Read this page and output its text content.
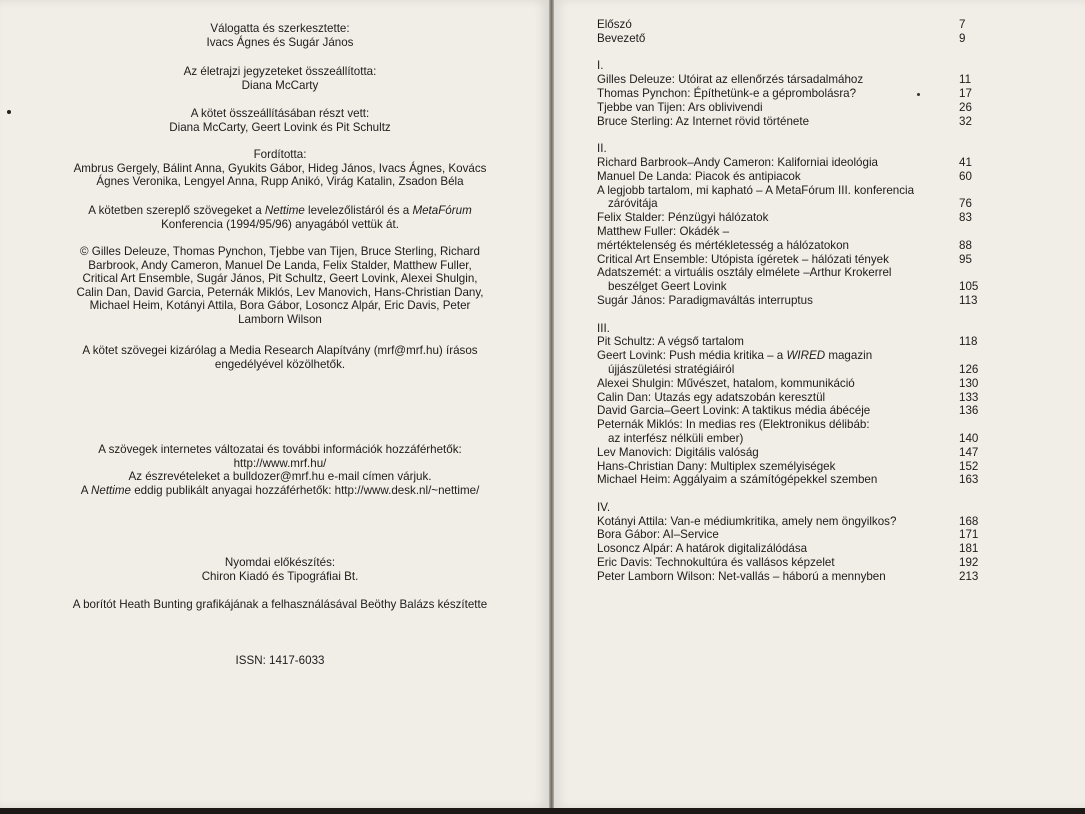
Válogatta és szerkesztette:

Ivacs Ágnes és Sugár János

Az életrajzi jegyzeteket összeállította:

Diana McCarty

A kötet összeállításában részt vett:

Diana McCarty, Geert Lovink és Pit Schultz

Fordította:

Ambrus Gergely, Bálint Anna, Gyukits Gábor, Hideg János, Ivacs Ágnes, Kovács

Ágnes Veronika, Lengyel Anna, Rupp Anikó, Virág Katalin, Zsadon Béla

A kötetben szereplő szövegeket a Nettime levelezőlistáról és a MetaFórum

Konferencia (1994/95/96) anyagából vettük át.

© Gilles Deleuze, Thomas Pynchon, Tjebbe van Tijen, Bruce Sterling, Richard

Barbrook, Andy Cameron, Manuel De Landa, Felix Stalder, Matthew Fuller,

Critical Art Ensemble, Sugár János, Pit Schultz, Geert Lovink, Alexei Shulgin,

Calin Dan, David Garcia, Peternák Miklós, Lev Manovich, Hans-Christian Dany,

Michael Heim, Kotányi Attila, Bora Gábor, Losoncz Alpár, Eric Davis, Peter

Lamborn Wilson

A kötet szövegei kizárólag a Media Research Alapítvány (mrf@mrf.hu) írásos

engedélyével közölhetők.

A szövegek internetes változatai és további információk hozzáférhetők:

http://www.mrf.hu/

Az észrevételeket a bulldozer@mrf.hu e-mail címen várjuk.

A Nettime eddig publikált anyagai hozzáférhetők: http://www.desk.nl/~nettime/

Nyomdai előkészítés:

Chiron Kiadó és Tipográfiai Bt.

A borítót Heath Bunting grafikájának a felhasználásával Beöthy Balázs készítette

ISSN: 1417-6033

Előszó	7
Bevezető	9
I.
Gilles Deleuze: Utóirat az ellenőrzés társadalmához	11
Thomas Pynchon: Építhetünk-e a géprombolásra?	17
Tjebbe van Tijen: Ars oblivivendi	26
Bruce Sterling: Az Internet rövid története	32
II.
Richard Barbrook–Andy Cameron: Kaliforniai ideológia	41
Manuel De Landa: Piacok és antipiacok	60
A legjobb tartalom, mi kapható – A MetaFórum III. konferencia
záróvitája	76
Felix Stalder: Pénzügyi hálózatok	83
Matthew Fuller: Okádék –
mértéktelenség és mértékletesség a hálózatokon	88
Critical Art Ensemble: Utópista ígéretek – hálózati tények	95
Adatszemét: a virtuális osztály elmélete –Arthur Krokerrel
beszélget Geert Lovink	105
Sugár János: Paradigmaváltás interruptus	113
III.
Pit Schultz: A végső tartalom	118
Geert Lovink: Push média kritika – a WIRED magazin
újjászületési stratégiáiról	126
Alexei Shulgin: Művészet, hatalom, kommunikáció	130
Calin Dan: Utazás egy adatszobán keresztül	133
David Garcia–Geert Lovink: A taktikus média ábécéje	136
Peternák Miklós: In medias res (Elektronikus délibáb:
az interfész nélküli ember)	140
Lev Manovich: Digitális valóság	147
Hans-Christian Dany: Multiplex személyiségek	152
Michael Heim: Aggályaim a számítógépekkel szemben	163
IV.
Kotányi Attila: Van-e médiumkritika, amely nem öngyilkos?	168
Bora Gábor: AI–Service	171
Losoncz Alpár: A határok digitalizálódása	181
Eric Davis: Technokultúra és vallásos képzelet	192
Peter Lamborn Wilson: Net-vallás – háború a mennyben	213
